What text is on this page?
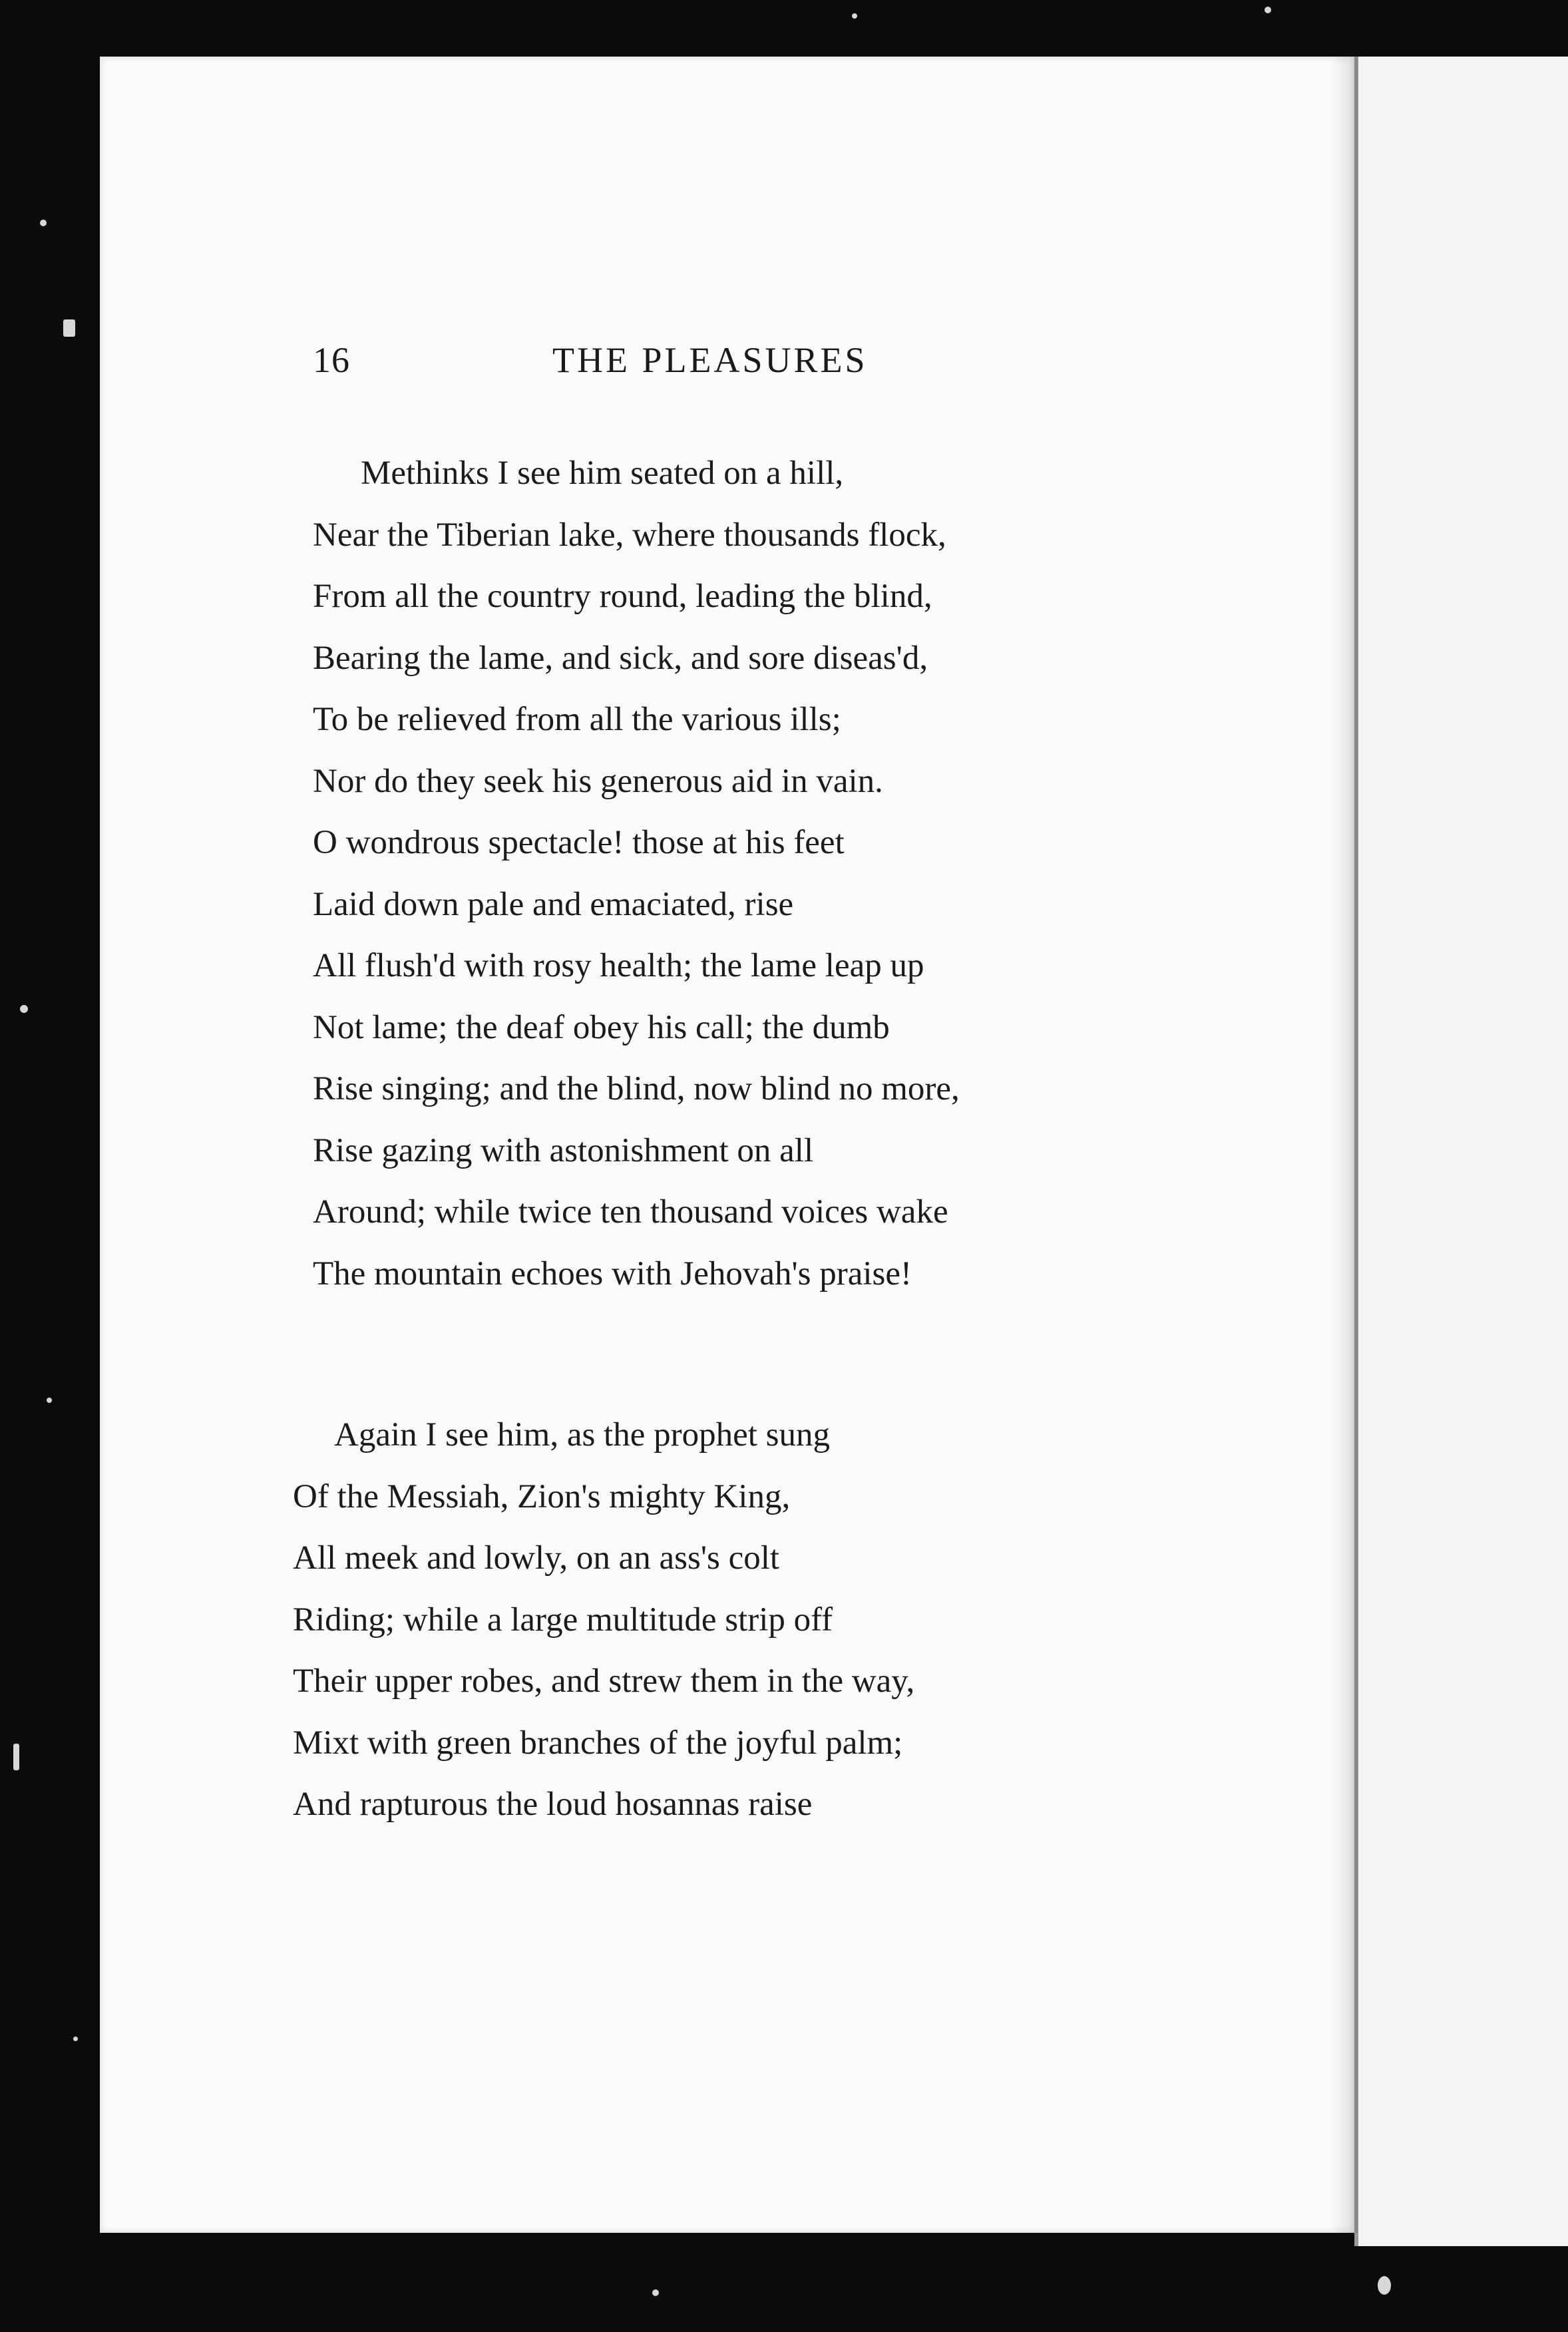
16	THE PLEASURES
Methinks I see him seated on a hill,
Near the Tiberian lake, where thousands flock,
From all the country round, leading the blind,
Bearing the lame, and sick, and sore diseas'd,
To be relieved from all the various ills;
Nor do they seek his generous aid in vain.
O wondrous spectacle! those at his feet
Laid down pale and emaciated, rise
All flush'd with rosy health; the lame leap up
Not lame; the deaf obey his call; the dumb
Rise singing; and the blind, now blind no more,
Rise gazing with astonishment on all
Around; while twice ten thousand voices wake
The mountain echoes with Jehovah's praise!
Again I see him, as the prophet sung
Of the Messiah, Zion's mighty King,
All meek and lowly, on an ass's colt
Riding; while a large multitude strip off
Their upper robes, and strew them in the way,
Mixt with green branches of the joyful palm;
And rapturous the loud hosannas raise
